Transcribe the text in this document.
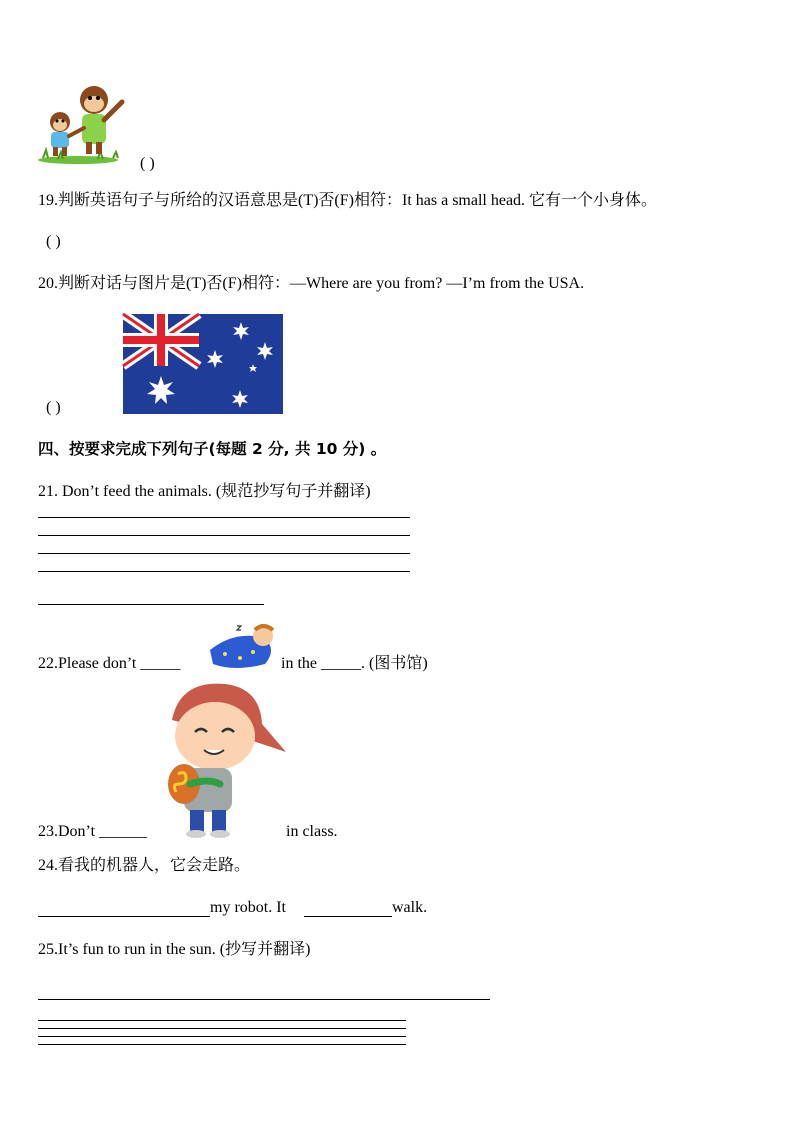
( )
19.判断英语句子与所给的汉语意思是(T)否(F)相符：It has a small head. 它有一个小身体。
( )
20.判断对话与图片是(T)否(F)相符：—Where are you from? —I’m from the USA.
( )
四、按要求完成下列句子(每题 2 分, 共 10 分) 。
21. Don’t feed the animals. (规范抄写句子并翻译)
22.Please don’t _____	in the _____. (图书馆)
23.Don’t ______	in class.
24.看我的机器人，它会走路。
my robot. It	walk.
25.It’s fun to run in the sun. (抄写并翻译)
